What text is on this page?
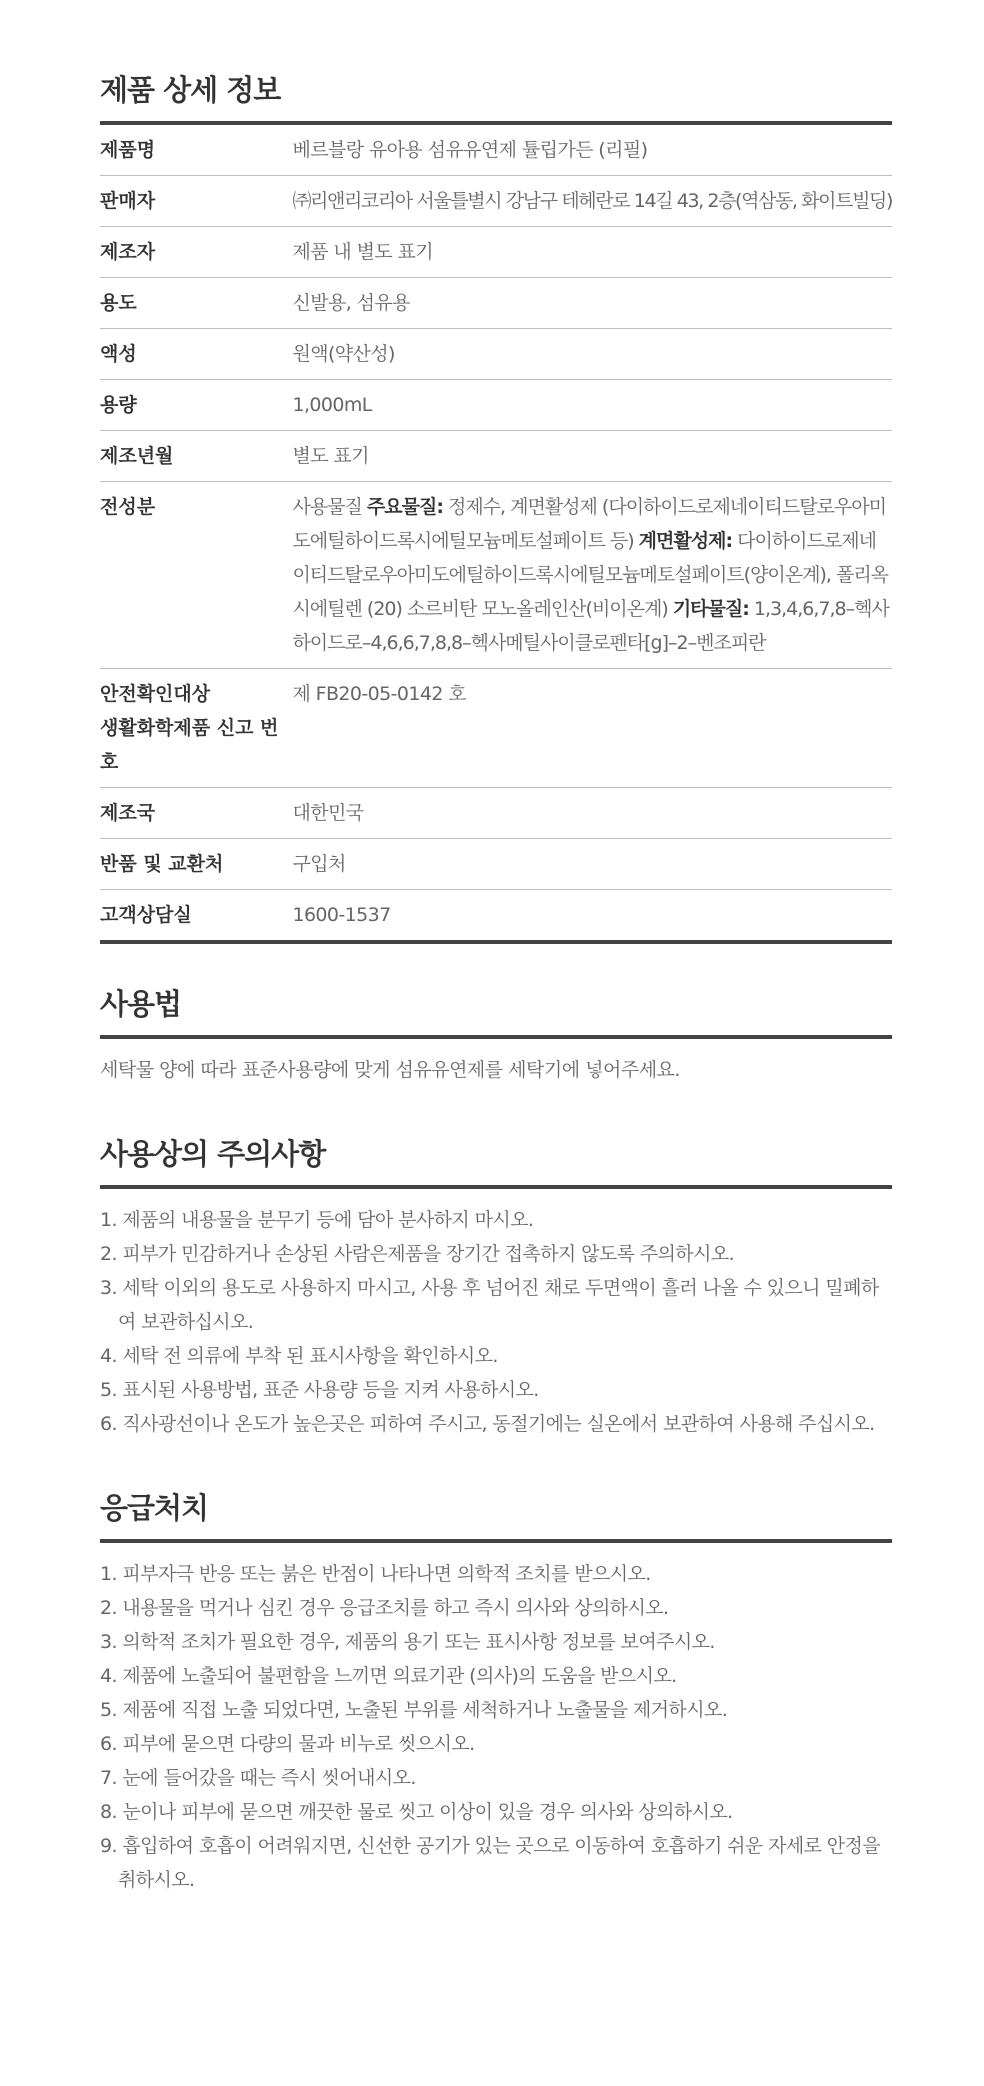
제품 상세 정보
제품명	베르블랑 유아용 섬유유연제 튤립가든 (리필)
판매자	㈜리앤리코리아 서울틀별시 강남구 테헤란로 14길 43, 2층(역삼동, 화이트빌딩)
제조자	제품 내 별도 표기
용도	신발용, 섬유용
액성	원액(약산성)
용량	1,000mL
제조년월	별도 표기
전성분	사용물질 주요물질: 정제수, 계면활성제 (다이하이드로제네이티드탈로우아미도에틸하이드록시에틸모늄메토설페이트 등) 계면활성제: 다이하이드로제네이티드탈로우아미도에틸하이드록시에틸모늄메토설페이트(양이온계), 폴리옥시에틸렌 (20) 소르비탄 모노올레인산(비이온계) 기타물질: 1,3,4,6,7,8–헥사하이드로–4,6,6,7,8,8–헥사메틸사이클로펜타[g]–2–벤조피란
안전확인대상
생활화학제품 신고 번호	제 FB20-05-0142 호
제조국	대한민국
반품 및 교환처	구입처
고객상담실	1600-1537
사용법
세탁물 양에 따라 표준사용량에 맞게 섬유유연제를 세탁기에 넣어주세요.
사용상의 주의사항
1. 제품의 내용물을 분무기 등에 담아 분사하지 마시오.
2. 피부가 민감하거나 손상된 사람은제품을 장기간 접촉하지 않도록 주의하시오.
3. 세탁 이외의 용도로 사용하지 마시고, 사용 후 넘어진 채로 두면액이 흘러 나올 수 있으니 밀폐하여 보관하십시오.
4. 세탁 전 의류에 부착 된 표시사항을 확인하시오.
5. 표시된 사용방법, 표준 사용량 등을 지켜 사용하시오.
6. 직사광선이나 온도가 높은곳은 피하여 주시고, 동절기에는 실온에서 보관하여 사용해 주십시오.
응급처치
1. 피부자극 반응 또는 붉은 반점이 나타나면 의학적 조치를 받으시오.
2. 내용물을 먹거나 심킨 경우 응급조치를 하고 즉시 의사와 상의하시오.
3. 의학적 조치가 필요한 경우, 제품의 용기 또는 표시사항 정보를 보여주시오.
4. 제품에 노출되어 불편함을 느끼면 의료기관 (의사)의 도움을 받으시오.
5. 제품에 직접 노출 되었다면, 노출된 부위를 세척하거나 노출물을 제거하시오.
6. 피부에 묻으면 다량의 물과 비누로 씻으시오.
7. 눈에 들어갔을 때는 즉시 씻어내시오.
8. 눈이나 피부에 묻으면 깨끗한 물로 씻고 이상이 있을 경우 의사와 상의하시오.
9. 흡입하여 호흡이 어려워지면, 신선한 공기가 있는 곳으로 이동하여 호흡하기 쉬운 자세로 안정을 취하시오.
